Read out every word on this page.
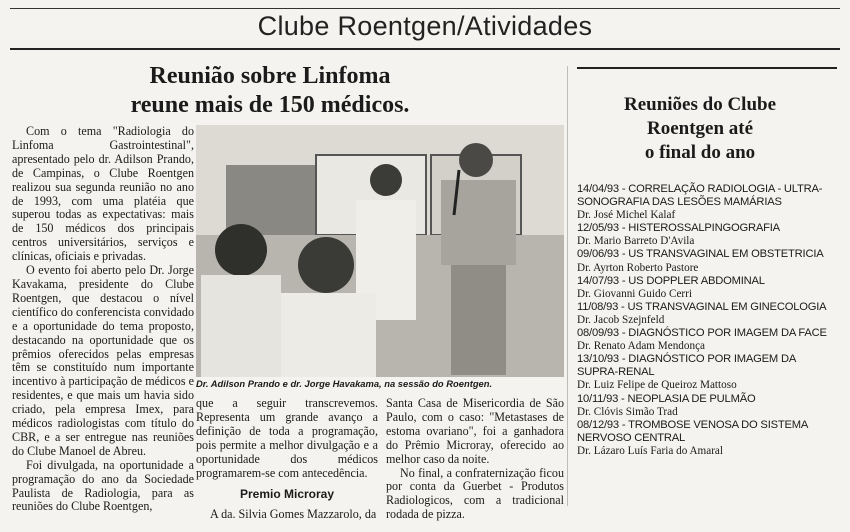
Clube Roentgen/Atividades
Reunião sobre Linfoma
reune mais de 150 médicos.

Com o tema "Radiologia do Linfoma Gastrointestinal", apresentado pelo dr. Adilson Prando, de Campinas, o Clube Roentgen realizou sua segunda reunião no ano de 1993, com uma platéia que superou todas as expectativas: mais de 150 médicos dos principais centros universitários, serviços e clínicas, oficiais e privadas.

O evento foi aberto pelo Dr. Jorge Kavakama, presidente do Clube Roentgen, que destacou o nível científico do conferencista convidado e a oportunidade do tema proposto, destacando na oportunidade que os prêmios oferecidos pelas empresas têm se constituído num importante incentivo à participação de médicos e residentes, e que mais um havia sido criado, pela empresa Imex, para médicos radiologistas com título do CBR, e a ser entregue nas reuniões do Clube Manoel de Abreu.

Foi divulgada, na oportunidade a programação do ano da Sociedade Paulista de Radiologia, para as reuniões do Clube Roentgen,

Dr. Adilson Prando e dr. Jorge Havakama, na sessão do Roentgen.

que a seguir transcrevemos. Representa um grande avanço a definição de toda a programação, pois permite a melhor divulgação e a oportunidade dos médicos programarem-se com antecedência.

Premio Microray

A da. Silvia Gomes Mazzarolo, da

Santa Casa de Misericordia de São Paulo, com o caso: "Metastases de estoma ovariano", foi a ganhadora do Prêmio Microray, oferecido ao melhor caso da noite.

No final, a confraternização ficou por conta da Guerbet - Produtos Radiologicos, com a tradicional rodada de pizza.

Reuniões do Clube
Roentgen até
o final do ano
14/04/93 - CORRELAÇÃO RADIOLOGIA - ULTRA-SONOGRAFIA DAS LESÕES MAMÁRIAS
Dr. José Michel Kalaf
12/05/93 - HISTEROSSALPINGOGRAFIA
Dr. Mario Barreto D'Avila
09/06/93 - US TRANSVAGINAL EM OBSTETRICIA
Dr. Ayrton Roberto Pastore
14/07/93 - US DOPPLER ABDOMINAL
Dr. Giovanni Guido Cerri
11/08/93 - US TRANSVAGINAL EM GINECOLOGIA
Dr. Jacob Szejnfeld
08/09/93 - DIAGNÓSTICO POR IMAGEM DA FACE
Dr. Renato Adam Mendonça
13/10/93 - DIAGNÓSTICO POR IMAGEM DA SUPRA-RENAL
Dr. Luiz Felipe de Queiroz Mattoso
10/11/93 - NEOPLASIA DE PULMÃO
Dr. Clóvis Simão Trad
08/12/93 - TROMBOSE VENOSA DO SISTEMA NERVOSO CENTRAL
Dr. Lázaro Luís Faria do Amaral
